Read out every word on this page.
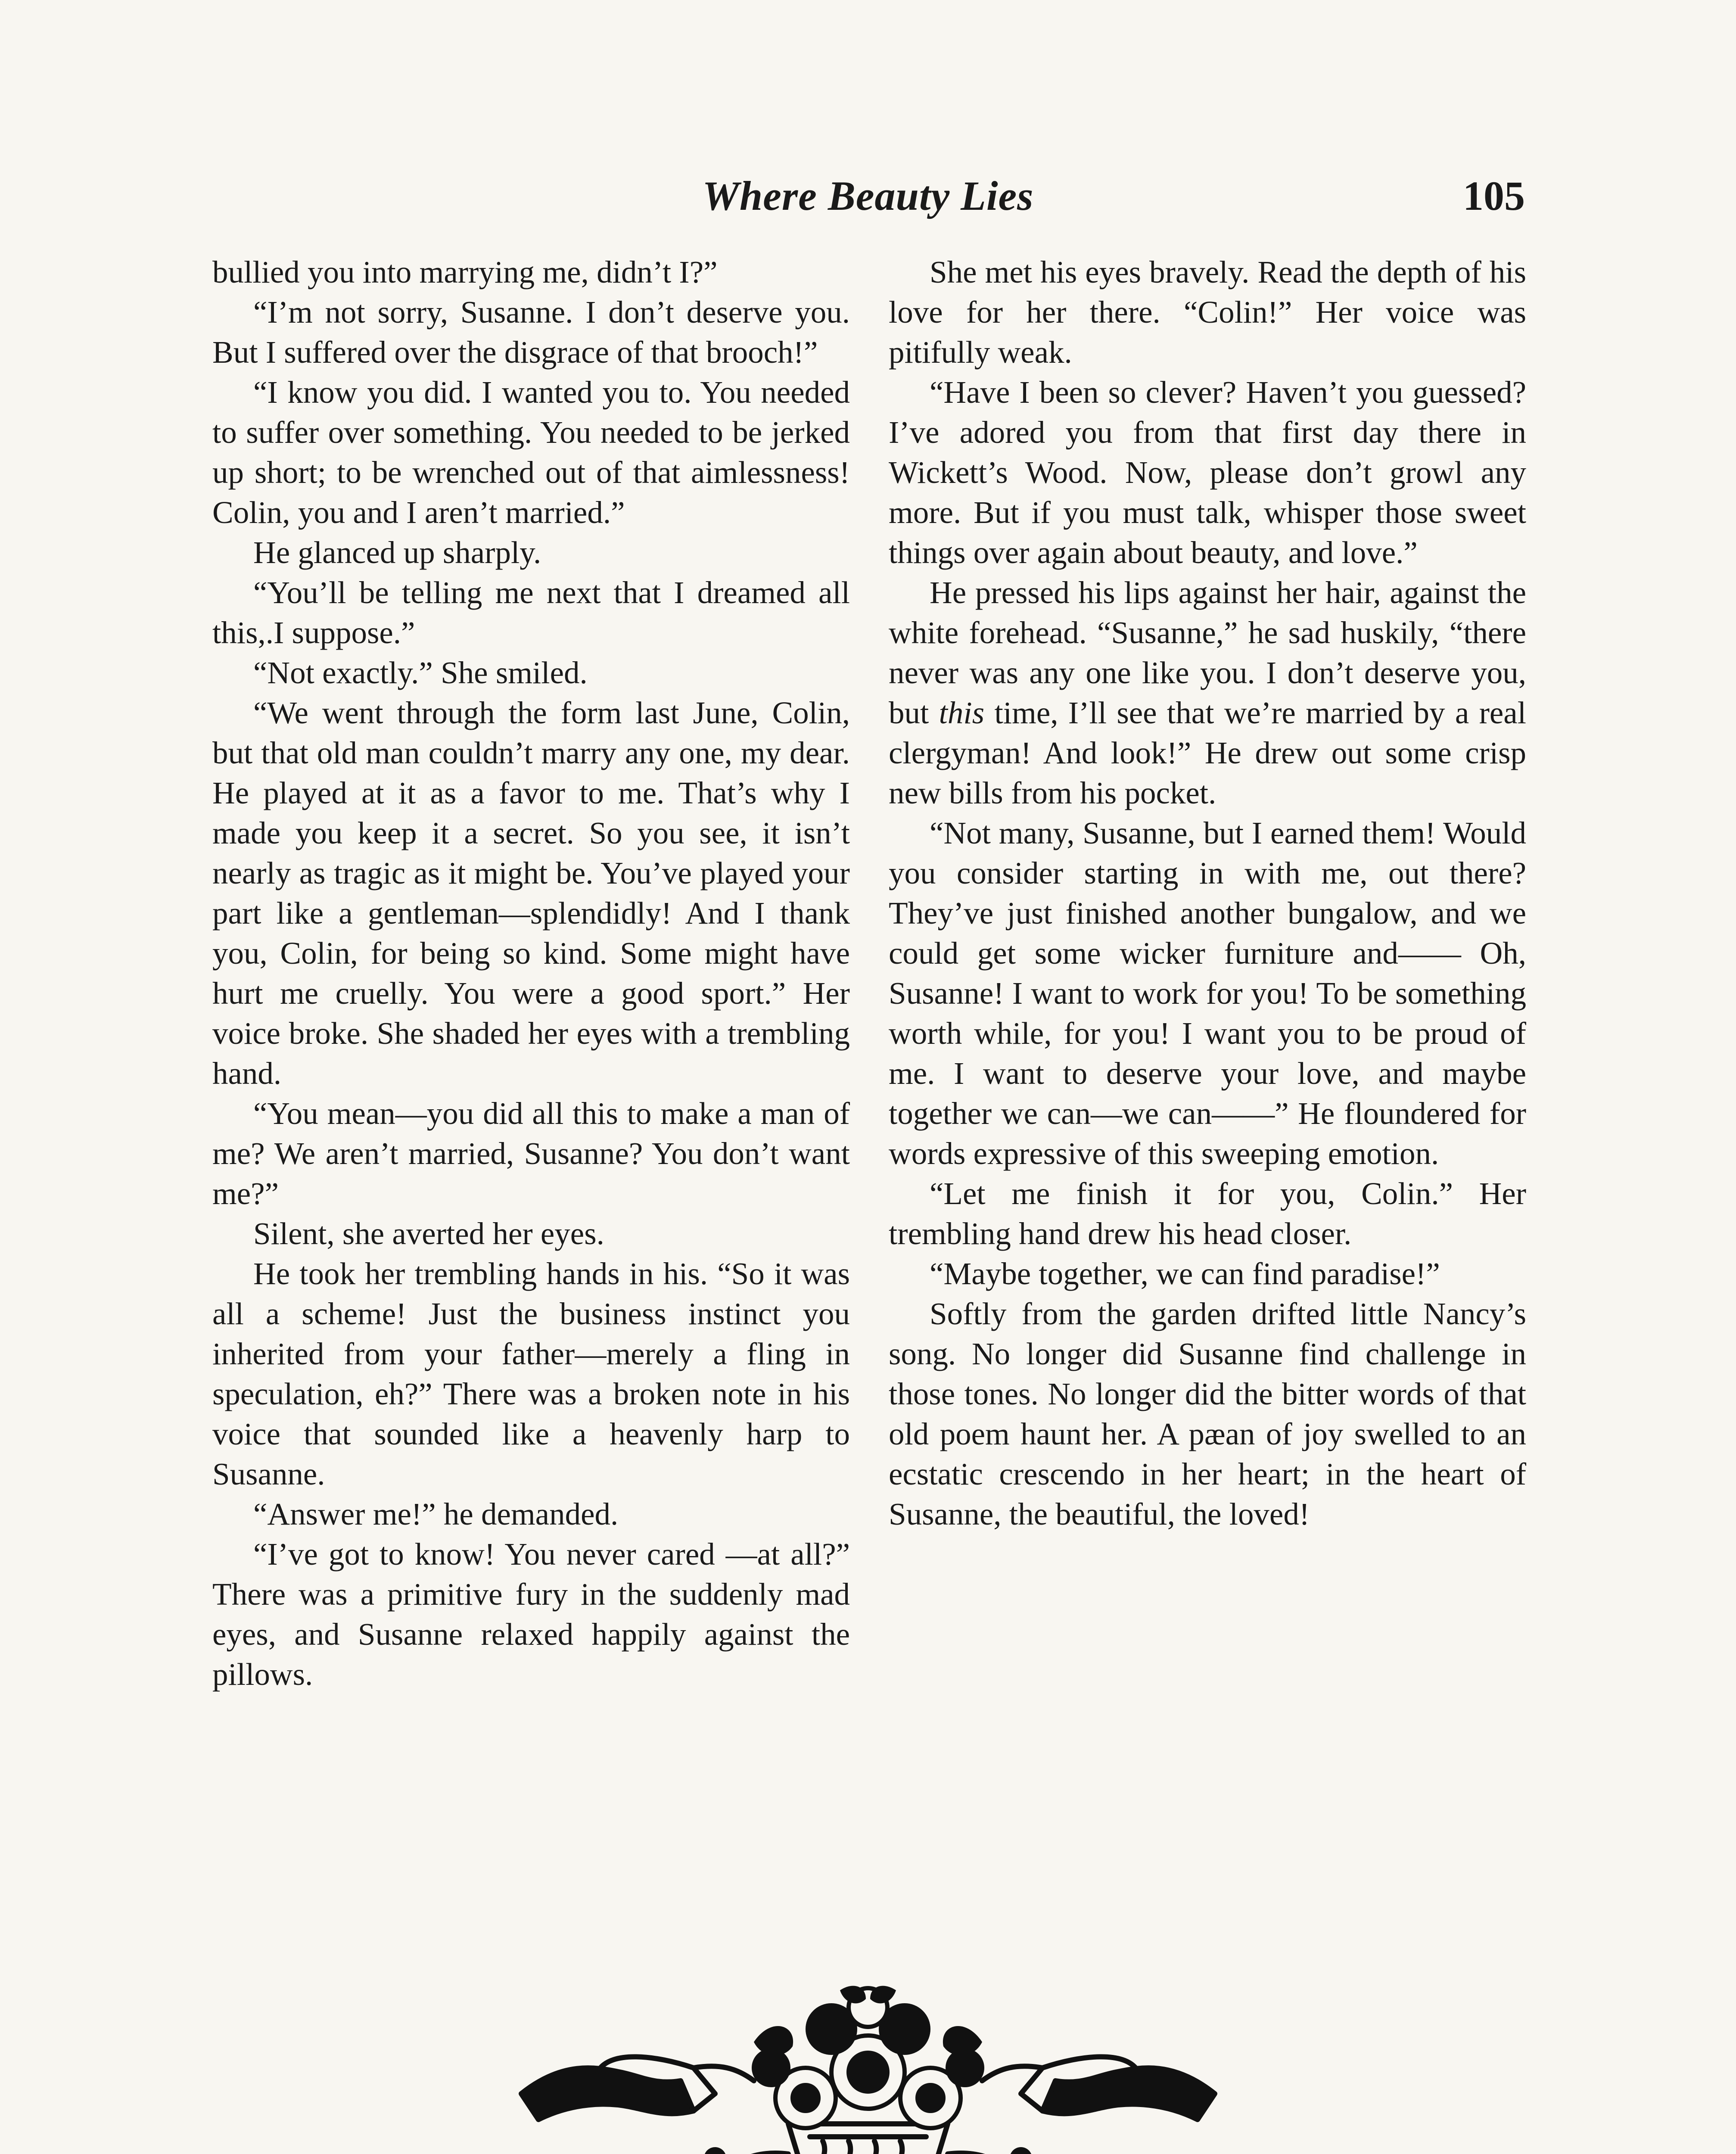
Where Beauty Lies	105

bullied you into marrying me, didn’t I?”

“I’m not sorry, Susanne. I don’t deserve you. But I suffered over the disgrace of that brooch!”

“I know you did. I wanted you to. You needed to suffer over something. You needed to be jerked up short; to be wrenched out of that aimlessness! Colin, you and I aren’t married.”

He glanced up sharply.

“You’ll be telling me next that I dreamed all this,.I suppose.”

“Not exactly.” She smiled.

“We went through the form last June, Colin, but that old man couldn’t marry any one, my dear. He played at it as a favor to me. That’s why I made you keep it a secret. So you see, it isn’t nearly as tragic as it might be. You’ve played your part like a gentleman—splendidly! And I thank you, Colin, for being so kind. Some might have hurt me cruelly. You were a good sport.” Her voice broke. She shaded her eyes with a trembling hand.

“You mean—you did all this to make a man of me? We aren’t married, Susanne? You don’t want me?”

Silent, she averted her eyes.

He took her trembling hands in his. “So it was all a scheme! Just the business instinct you inherited from your father—merely a fling in speculation, eh?” There was a broken note in his voice that sounded like a heavenly harp to Susanne.

“Answer me!” he demanded.

“I’ve got to know! You never cared —at all?” There was a primitive fury in the suddenly mad eyes, and Susanne relaxed happily against the pillows.

She met his eyes bravely. Read the depth of his love for her there. “Colin!” Her voice was pitifully weak.

“Have I been so clever? Haven’t you guessed? I’ve adored you from that first day there in Wickett’s Wood. Now, please don’t growl any more. But if you must talk, whisper those sweet things over again about beauty, and love.”

He pressed his lips against her hair, against the white forehead. “Susanne,” he sad huskily, “there never was any one like you. I don’t deserve you, but this time, I’ll see that we’re married by a real clergyman! And look!” He drew out some crisp new bills from his pocket.

“Not many, Susanne, but I earned them! Would you consider starting in with me, out there? They’ve just finished another bungalow, and we could get some wicker furniture and—— Oh, Susanne! I want to work for you! To be something worth while, for you! I want you to be proud of me. I want to deserve your love, and maybe together we can—we can——” He floundered for words expressive of this sweeping emotion.

“Let me finish it for you, Colin.” Her trembling hand drew his head closer.

“Maybe together, we can find paradise!”

Softly from the garden drifted little Nancy’s song. No longer did Susanne find challenge in those tones. No longer did the bitter words of that old poem haunt her. A pæan of joy swelled to an ecstatic crescendo in her heart; in the heart of Susanne, the beautiful, the loved!
